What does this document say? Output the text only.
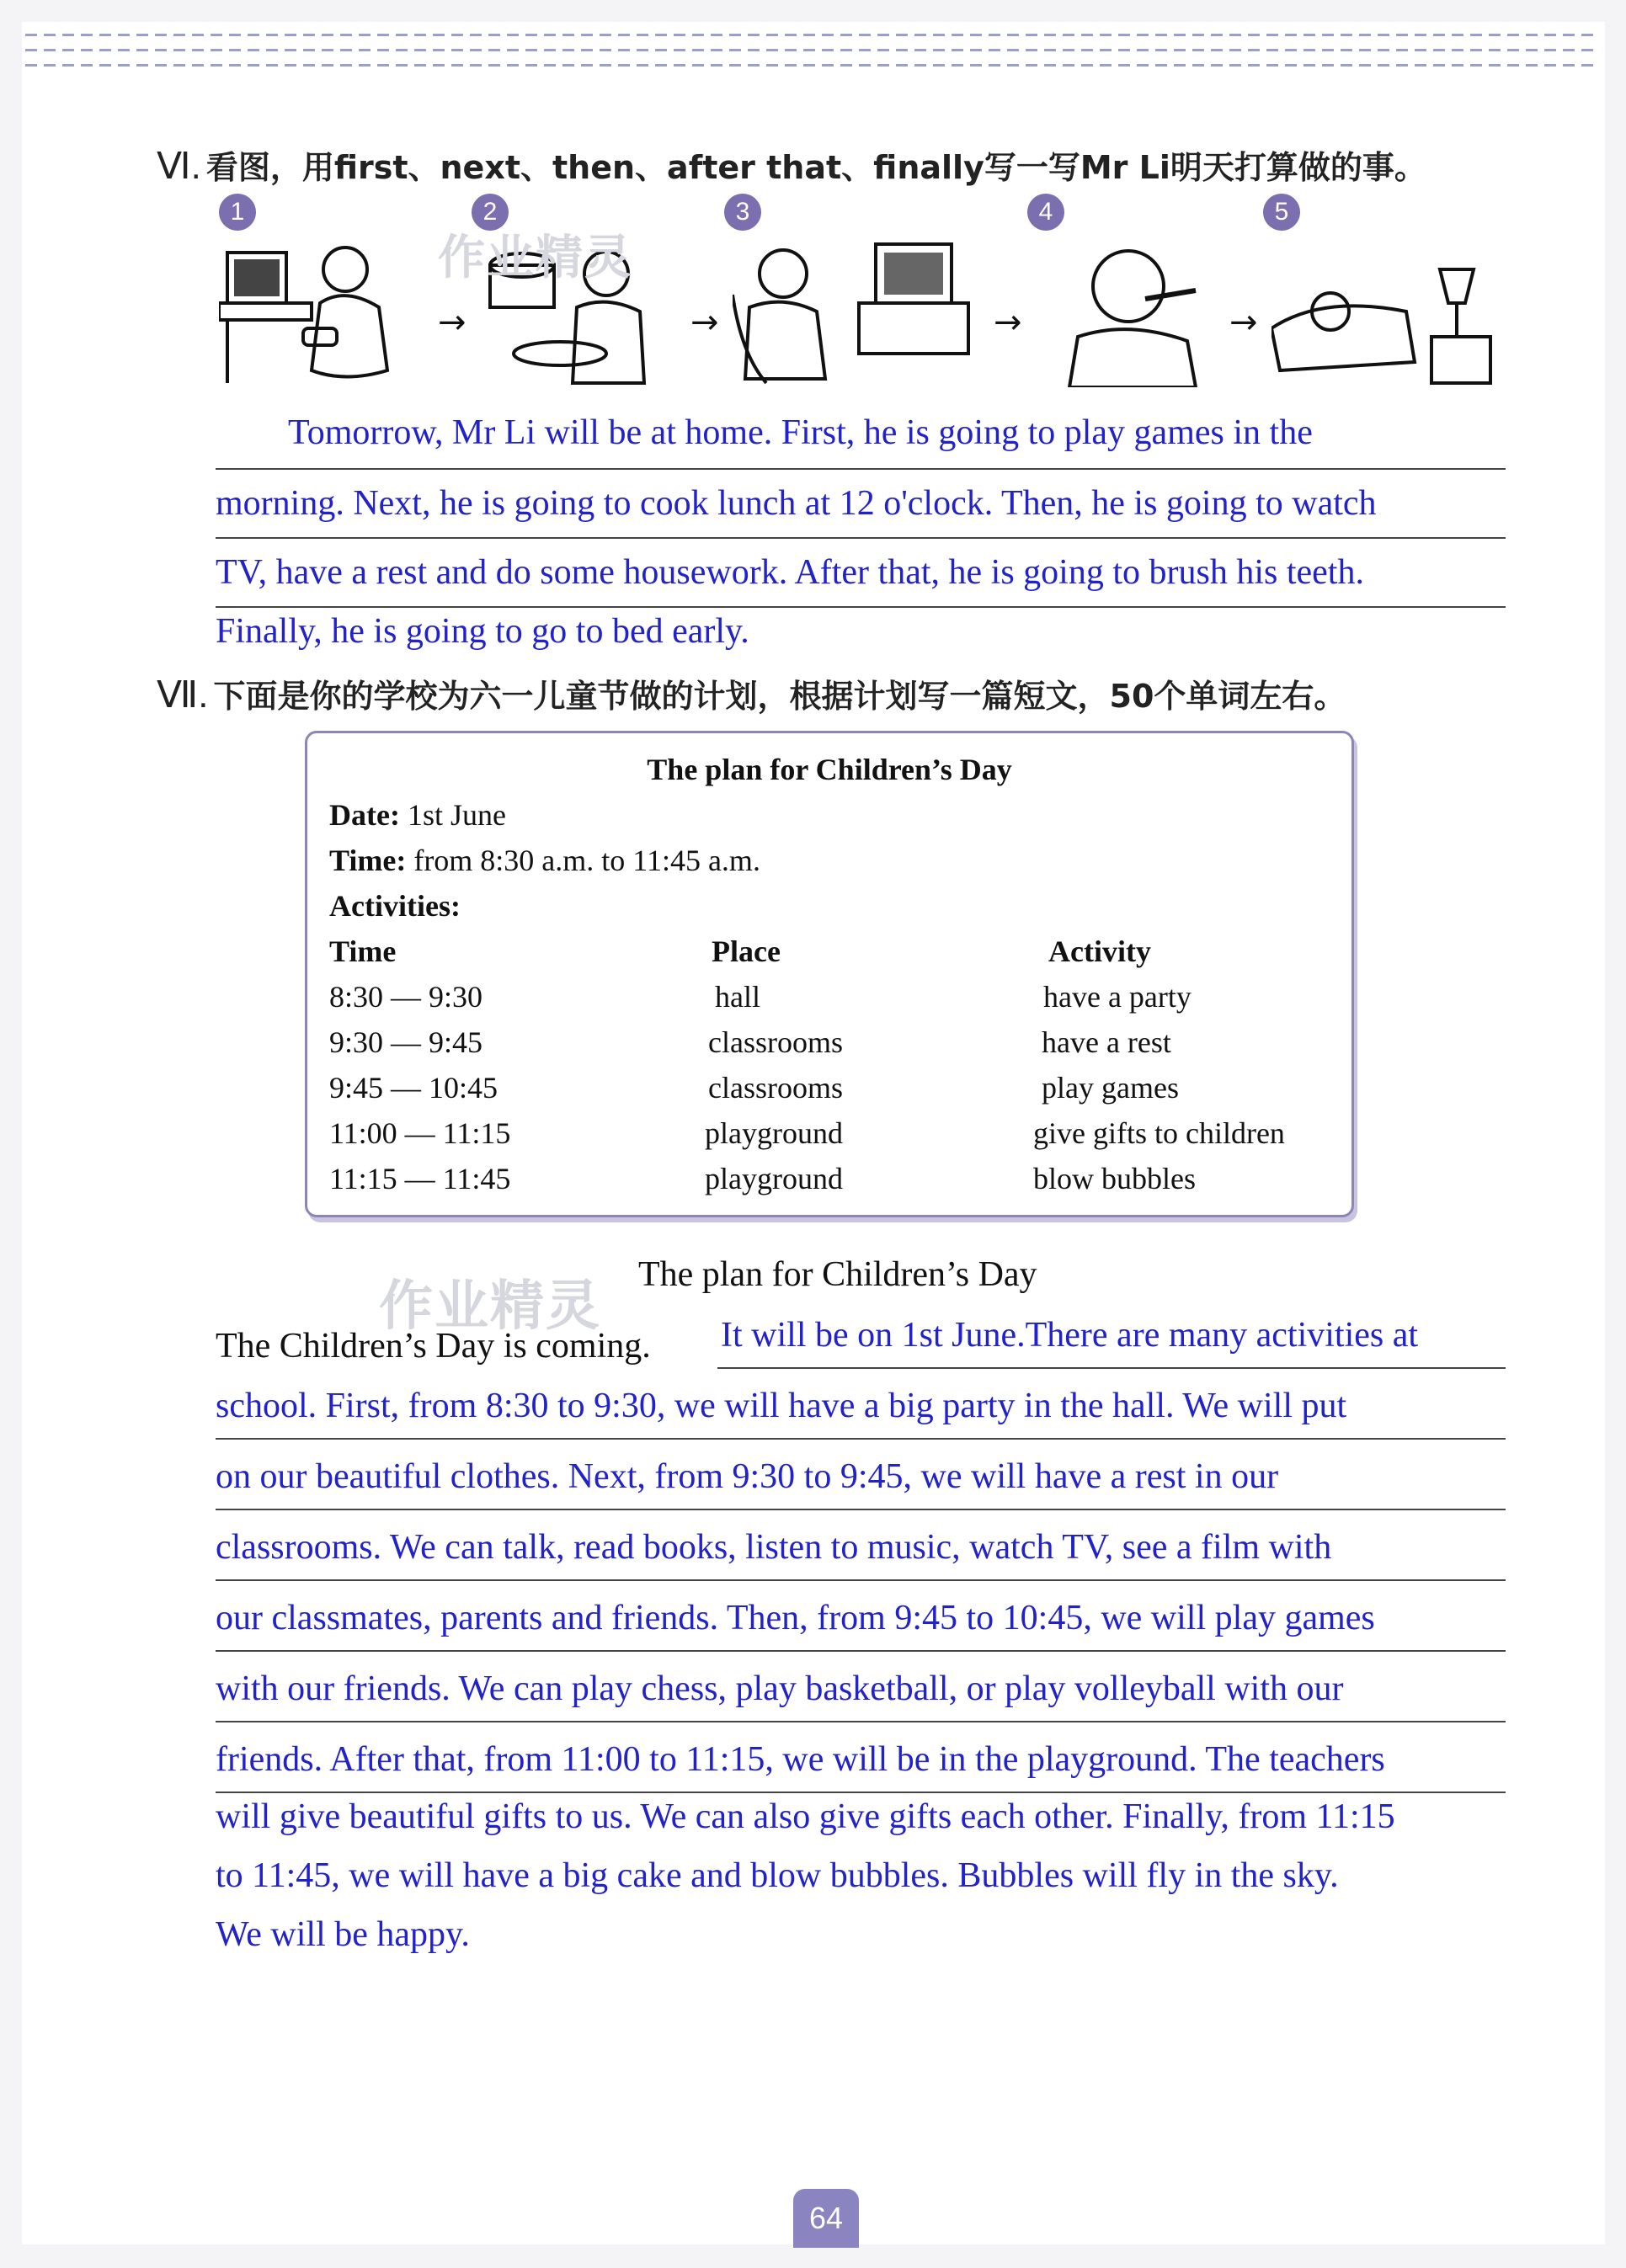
Ⅵ. 看图，用first、next、then、after that、finally写一写Mr Li明天打算做的事。
1
→
2
→
3
→
4
→
5
作业精灵
Tomorrow, Mr Li will be at home. First, he is going to play games in the
morning. Next, he is going to cook lunch at 12 o'clock. Then, he is going to watch
TV, have a rest and do some housework. After that, he is going to brush his teeth.
Finally, he is going to go to bed early.
Ⅶ. 下面是你的学校为六一儿童节做的计划，根据计划写一篇短文，50个单词左右。
The plan for Children’s Day
Date: 1st June
Time: from 8:30 a.m. to 11:45 a.m.
Activities:
Time	Place	Activity
8:30 — 9:30	hall	have a party
9:30 — 9:45	classrooms	have a rest
9:45 — 10:45	classrooms	play games
11:00 — 11:15	playground	give gifts to children
11:15 — 11:45	playground	blow bubbles
作业精灵
The plan for Children’s Day
The Children’s Day is coming. It will be on 1st June.There are many activities at
school. First, from 8:30 to 9:30, we will have a big party in the hall. We will put
on our beautiful clothes. Next, from 9:30 to 9:45, we will have a rest in our
classrooms. We can talk, read books, listen to music, watch TV, see a film with
our classmates, parents and friends. Then, from 9:45 to 10:45, we will play games
with our friends. We can play chess, play basketball, or play volleyball with our
friends. After that, from 11:00 to 11:15, we will be in the playground. The teachers
will give beautiful gifts to us. We can also give gifts each other. Finally, from 11:15
to 11:45, we will have a big cake and blow bubbles. Bubbles will fly in the sky.
We will be happy.
64
